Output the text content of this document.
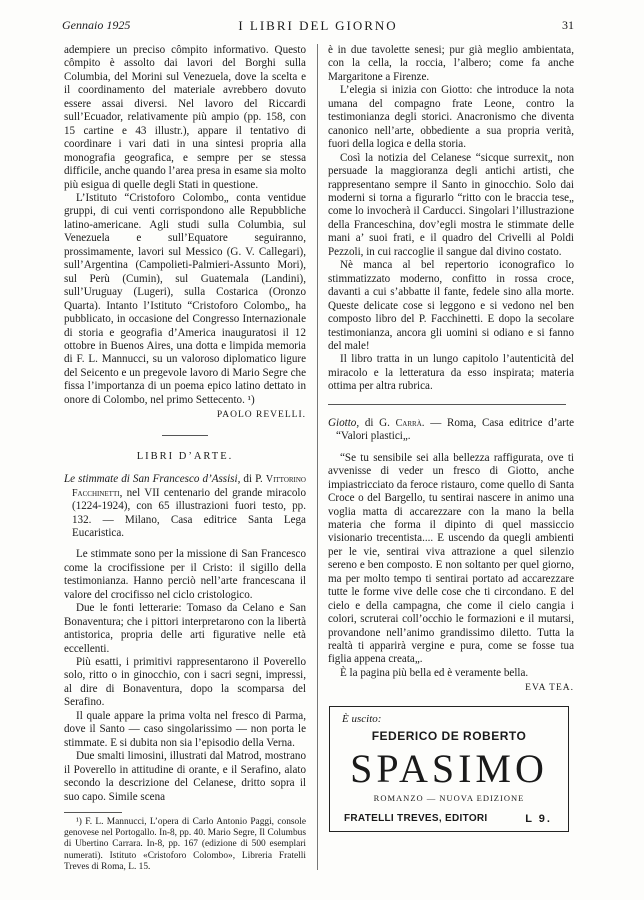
Gennaio 1925	I LIBRI DEL GIORNO	31

adempiere un preciso cômpito informativo. Questo cômpito è assolto dai lavori del Borghi sulla Columbia, del Morini sul Venezuela, dove la scelta e il coordinamento del materiale avrebbero dovuto essere assai diversi. Nel lavoro del Riccardi sull’Ecuador, relativamente più ampio (pp. 158, con 15 cartine e 43 illustr.), appare il tentativo di coordinare i vari dati in una sintesi propria alla monografia geografica, e sempre per se stessa difficile, anche quando l’area presa in esame sia molto più esigua di quelle degli Stati in questione.

L’Istituto “Cristoforo Colombo„ conta ventidue gruppi, di cui venti corrispondono alle Repubbliche latino-americane. Agli studi sulla Columbia, sul Venezuela e sull’Equatore seguiranno, prossimamente, lavori sul Messico (G. V. Callegari), sull’Argentina (Campolieti-Palmieri-Assunto Mori), sul Perù (Cumin), sul Guatemala (Landini), sull’Uruguay (Lugeri), sulla Costarica (Oronzo Quarta). Intanto l’Istituto “Cristoforo Colombo„ ha pubblicato, in occasione del Congresso Internazionale di storia e geografia d’America inauguratosi il 12 ottobre in Buenos Aires, una dotta e limpida memoria di F. L. Mannucci, su un valoroso diplomatico ligure del Seicento e un pregevole lavoro di Mario Segre che fissa l’importanza di un poema epico latino dettato in onore di Colombo, nel primo Settecento. ¹)

PAOLO REVELLI.

LIBRI D’ARTE.

Le stimmate di San Francesco d’Assisi, di P. Vittorino Facchinetti, nel VII centenario del grande miracolo (1224-1924), con 65 illustrazioni fuori testo, pp. 132. — Milano, Casa editrice Santa Lega Eucaristica.

Le stimmate sono per la missione di San Francesco come la crocifissione per il Cristo: il sigillo della testimonianza. Hanno perciò nell’arte francescana il valore del crocifisso nel ciclo cristologico.

Due le fonti letterarie: Tomaso da Celano e San Bonaventura; che i pittori interpretarono con la libertà antistorica, propria delle arti figurative nelle età eccellenti.

Più esatti, i primitivi rappresentarono il Poverello solo, ritto o in ginocchio, con i sacri segni, impressi, al dire di Bonaventura, dopo la scomparsa del Serafino.

Il quale appare la prima volta nel fresco di Parma, dove il Santo — caso singolarissimo — non porta le stimmate. E si dubita non sia l’episodio della Verna.

Due smalti limosini, illustrati dal Matrod, mostrano il Poverello in attitudine di orante, e il Serafino, alato secondo la descrizione del Celanese, dritto sopra il suo capo. Simile scena

¹) F. L. Mannucci, L’opera di Carlo Antonio Paggi, console genovese nel Portogallo. In-8, pp. 40. Mario Segre, Il Columbus di Ubertino Carrara. In-8, pp. 167 (edizione di 500 esemplari numerati). Istituto «Cristoforo Colombo», Libreria Fratelli Treves di Roma, L. 15.

è in due tavolette senesi; pur già meglio ambientata, con la cella, la roccia, l’albero; come fa anche Margaritone a Firenze.

L’elegia si inizia con Giotto: che introduce la nota umana del compagno frate Leone, contro la testimonianza degli storici. Anacronismo che diventa canonico nell’arte, obbediente a sua propria verità, fuori della logica e della storia.

Così la notizia del Celanese “sicque surrexit„ non persuade la maggioranza degli antichi artisti, che rappresentano sempre il Santo in ginocchio. Solo dai moderni si torna a figurarlo “ritto con le braccia tese„ come lo invocherà il Carducci. Singolari l’illustrazione della Franceschina, dov’egli mostra le stimmate delle mani a’ suoi frati, e il quadro del Crivelli al Poldi Pezzoli, in cui raccoglie il sangue dal divino costato.

Nè manca al bel repertorio iconografico lo stimmatizzato moderno, confitto in rossa croce, davanti a cui s’abbatte il fante, fedele sino alla morte. Queste delicate cose si leggono e si vedono nel ben composto libro del P. Facchinetti. E dopo la secolare testimonianza, ancora gli uomini si odiano e si fanno del male!

Il libro tratta in un lungo capitolo l’autenticità del miracolo e la letteratura da esso inspirata; materia ottima per altra rubrica.

Giotto, di G. Carrà. — Roma, Casa editrice d’arte “Valori plastici„.

“Se tu sensibile sei alla bellezza raffigurata, ove ti avvenisse di veder un fresco di Giotto, anche impiastricciato da feroce ristauro, come quello di Santa Croce o del Bargello, tu sentirai nascere in animo una voglia matta di accarezzare con la mano la bella materia che forma il dipinto di quel massiccio visionario trecentista.... E uscendo da quegli ambienti per le vie, sentirai viva attrazione a quel silenzio sereno e ben composto. E non soltanto per quel giorno, ma per molto tempo ti sentirai portato ad accarezzare tutte le forme vive delle cose che ti circondano. E del cielo e della campagna, che come il cielo cangia i colori, scruterai coll’occhio le formazioni e il mutarsi, provandone nell’animo grandissimo diletto. Tutta la realtà ti apparirà vergine e pura, come se fosse tua figlia appena creata„.

È la pagina più bella ed è veramente bella.

EVA TEA.

È uscito:
FEDERICO DE ROBERTO
SPASIMO
ROMANZO — NUOVA EDIZIONE
FRATELLI TREVES, EDITORI	L 9.
